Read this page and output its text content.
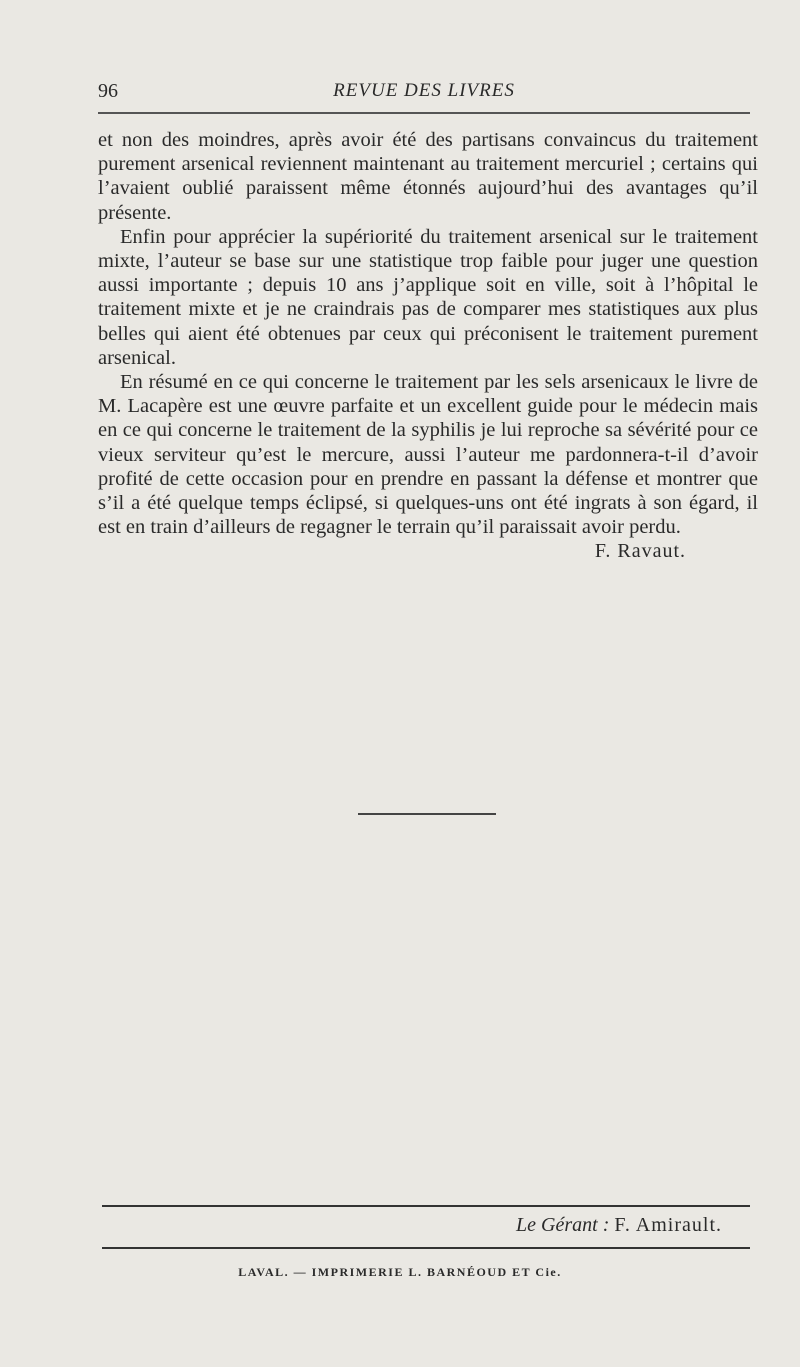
96	REVUE DES LIVRES

et non des moindres, après avoir été des partisans convaincus du traitement purement arsenical reviennent maintenant au traitement mercuriel ; certains qui l’avaient oublié paraissent même étonnés aujourd’hui des avantages qu’il présente.

Enfin pour apprécier la supériorité du traitement arsenical sur le traitement mixte, l’auteur se base sur une statistique trop faible pour juger une question aussi importante ; depuis 10 ans j’applique soit en ville, soit à l’hôpital le traitement mixte et je ne craindrais pas de comparer mes statistiques aux plus belles qui aient été obtenues par ceux qui préconisent le traitement purement arsenical.

En résumé en ce qui concerne le traitement par les sels arsenicaux le livre de M. Lacapère est une œuvre parfaite et un excellent guide pour le médecin mais en ce qui concerne le traitement de la syphilis je lui reproche sa sévérité pour ce vieux serviteur qu’est le mercure, aussi l’auteur me pardonnera-t-il d’avoir profité de cette occasion pour en prendre en passant la défense et montrer que s’il a été quelque temps éclipsé, si quelques-uns ont été ingrats à son égard, il est en train d’ailleurs de regagner le terrain qu’il paraissait avoir perdu.

F. Ravaut.

Le Gérant : F. Amirault.
LAVAL. — IMPRIMERIE L. BARNÉOUD ET Cie.
